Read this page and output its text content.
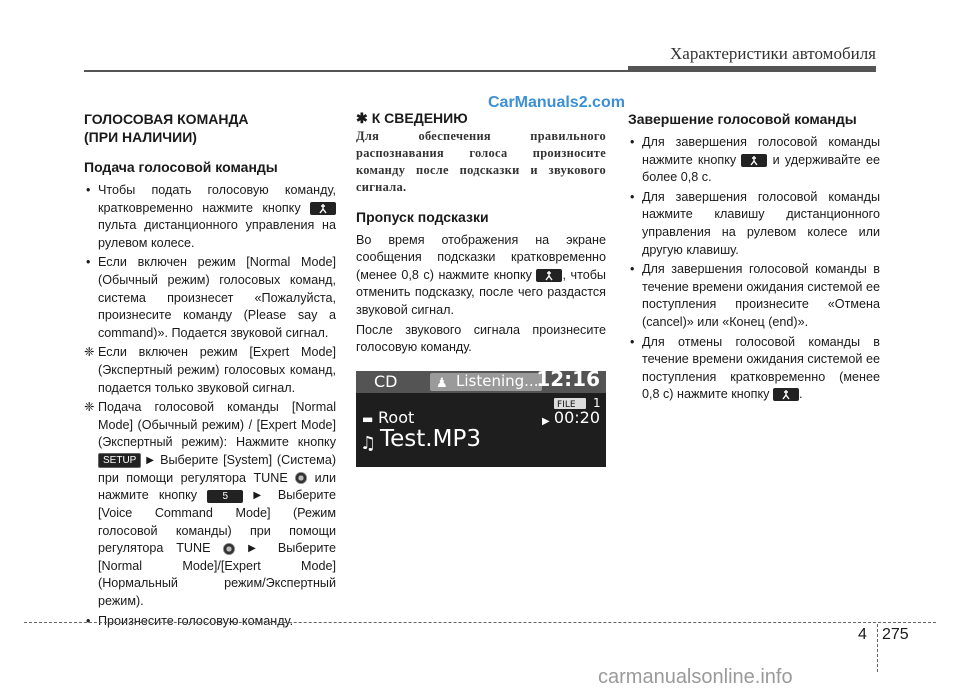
Характеристики автомобиля
CarManuals2.com
ГОЛОСОВАЯ КОМАНДА
(ПРИ НАЛИЧИИ)
Подача голосовой команды
• Чтобы подать голосовую команду, кратковременно нажмите кнопку
пульта дистанционного управления на рулевом колесе.
• Если включен режим [Normal Mode] (Обычный режим) голосовых команд, система произнесет «Пожалуйста, произнесите команду (Please say a command)». Подается звуковой сигнал.
❈ Если включен режим [Expert Mode] (Экспертный режим) голосовых команд, подается только звуковой сигнал.
❈ Подача голосовой команды [Normal Mode] (Обычный режим) / [Expert Mode] (Экспертный режим): Нажмите кнопку SETUP ▶ Выберите [System] (Система) при помощи регулятора TUNE или нажмите кнопку	5	▶ Выберите [Voice Command Mode] (Режим голосовой команды) при помощи регулятора TUNE	▶ Выберите [Normal Mode]/[Expert Mode] (Нормальный режим/Экспертный режим).
• Произнесите голосовую команду.
✱ К СВЕДЕНИЮ
Для обеспечения правильного распознавания голоса произносите команду после подсказки и звукового сигнала.
Пропуск подсказки

Во время отображения на экране сообщения подсказки кратковременно (менее 0,8 с) нажмите кнопку , чтобы отменить подсказку, после чего раздастся звуковой сигнал.

После звукового сигнала произнесите голосовую команду.

CD	♟ Listening...
12:16
FILE 1
▬ Root	▶ 00:20
♫ Test.MP3
Завершение голосовой команды
• Для завершения голосовой команды нажмите кнопку	и удерживайте ее более 0,8 с.
• Для завершения голосовой команды нажмите клавишу дистанционного управления на рулевом колесе или другую клавишу.
• Для завершения голосовой команды в течение времени ожидания системой ее поступления произнесите «Отмена (cancel)» или «Конец (end)».
• Для отмены голосовой команды в течение времени ожидания системой ее поступления кратковременно (менее 0,8 с) нажмите кнопку .
4 275
carmanualsonline.info
